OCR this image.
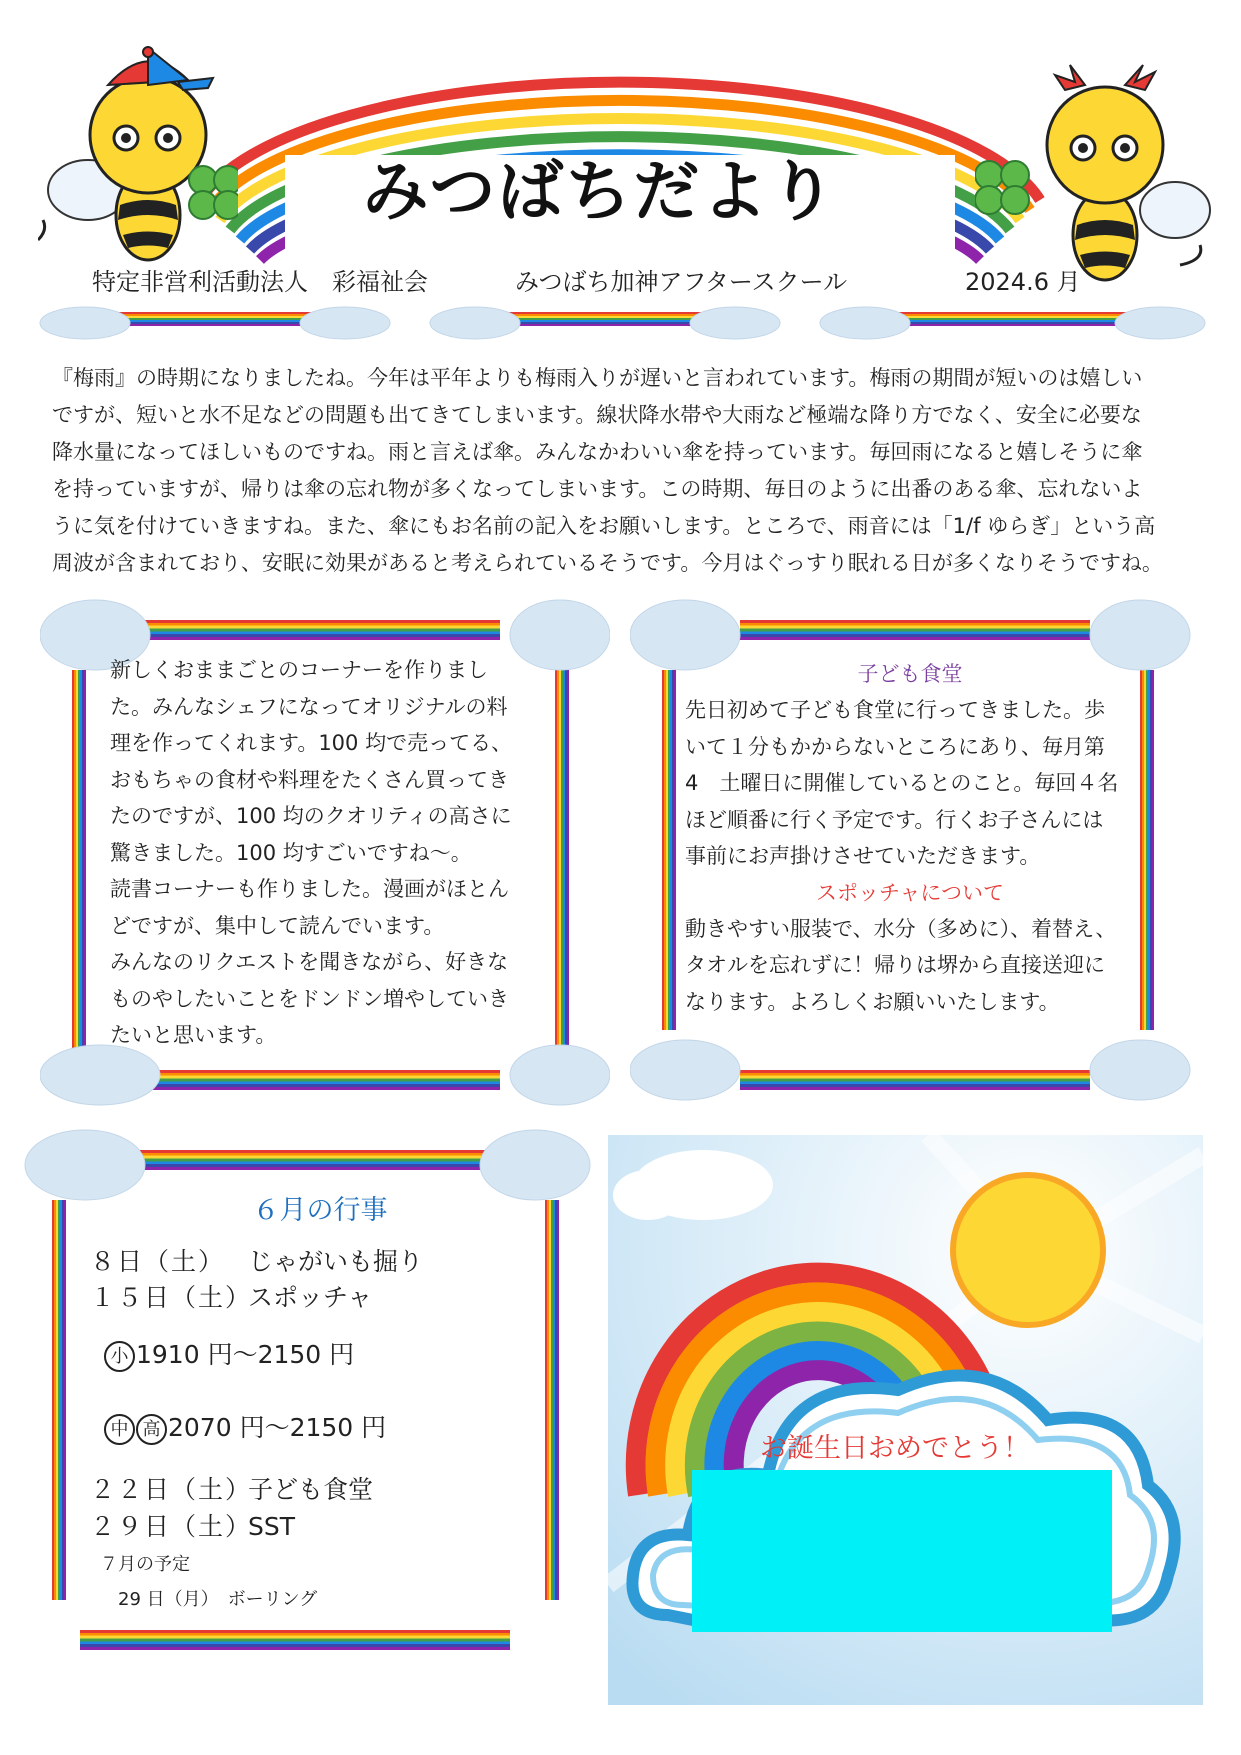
みつばちだより
特定非営利活動法人　彩福祉会	みつばち加神アフタースクール	2024.6 月

『梅雨』の時期になりましたね。今年は平年よりも梅雨入りが遅いと言われています。梅雨の期間が短いのは嬉しい

ですが、短いと水不足などの問題も出てきてしまいます。線状降水帯や大雨など極端な降り方でなく、安全に必要な

降水量になってほしいものですね。雨と言えば傘。みんなかわいい傘を持っています。毎回雨になると嬉しそうに傘

を持っていますが、帰りは傘の忘れ物が多くなってしまいます。この時期、毎日のように出番のある傘、忘れないよ

うに気を付けていきますね。また、傘にもお名前の記入をお願いします。ところで、雨音には「1/f ゆらぎ」という高

周波が含まれており、安眠に効果があると考えられているそうです。今月はぐっすり眠れる日が多くなりそうですね。

新しくおままごとのコーナーを作りまし

た。みんなシェフになってオリジナルの料

理を作ってくれます。100 均で売ってる、

おもちゃの食材や料理をたくさん買ってき

たのですが、100 均のクオリティの高さに

驚きました。100 均すごいですね～。

読書コーナーも作りました。漫画がほとん

どですが、集中して読んでいます。

みんなのリクエストを聞きながら、好きな

ものやしたいことをドンドン増やしていき

たいと思います。

子ども食堂

先日初めて子ども食堂に行ってきました。歩

いて１分もかからないところにあり、毎月第

4　土曜日に開催しているとのこと。毎回４名

ほど順番に行く予定です。行くお子さんには

事前にお声掛けさせていただきます。

スポッチャについて

動きやすい服装で、水分（多めに）、着替え、

タオルを忘れずに！帰りは堺から直接送迎に

なります。よろしくお願いいたします。

６月の行事
８日（土） じゃがいも掘り
１５日（土） スポッチャ
小 1910 円～2150 円
中 高 2070 円～2150 円
２２日（土） 子ども食堂
２９日（土） SST
７月の予定
29 日（月）　ボーリング
お誕生日おめでとう！
